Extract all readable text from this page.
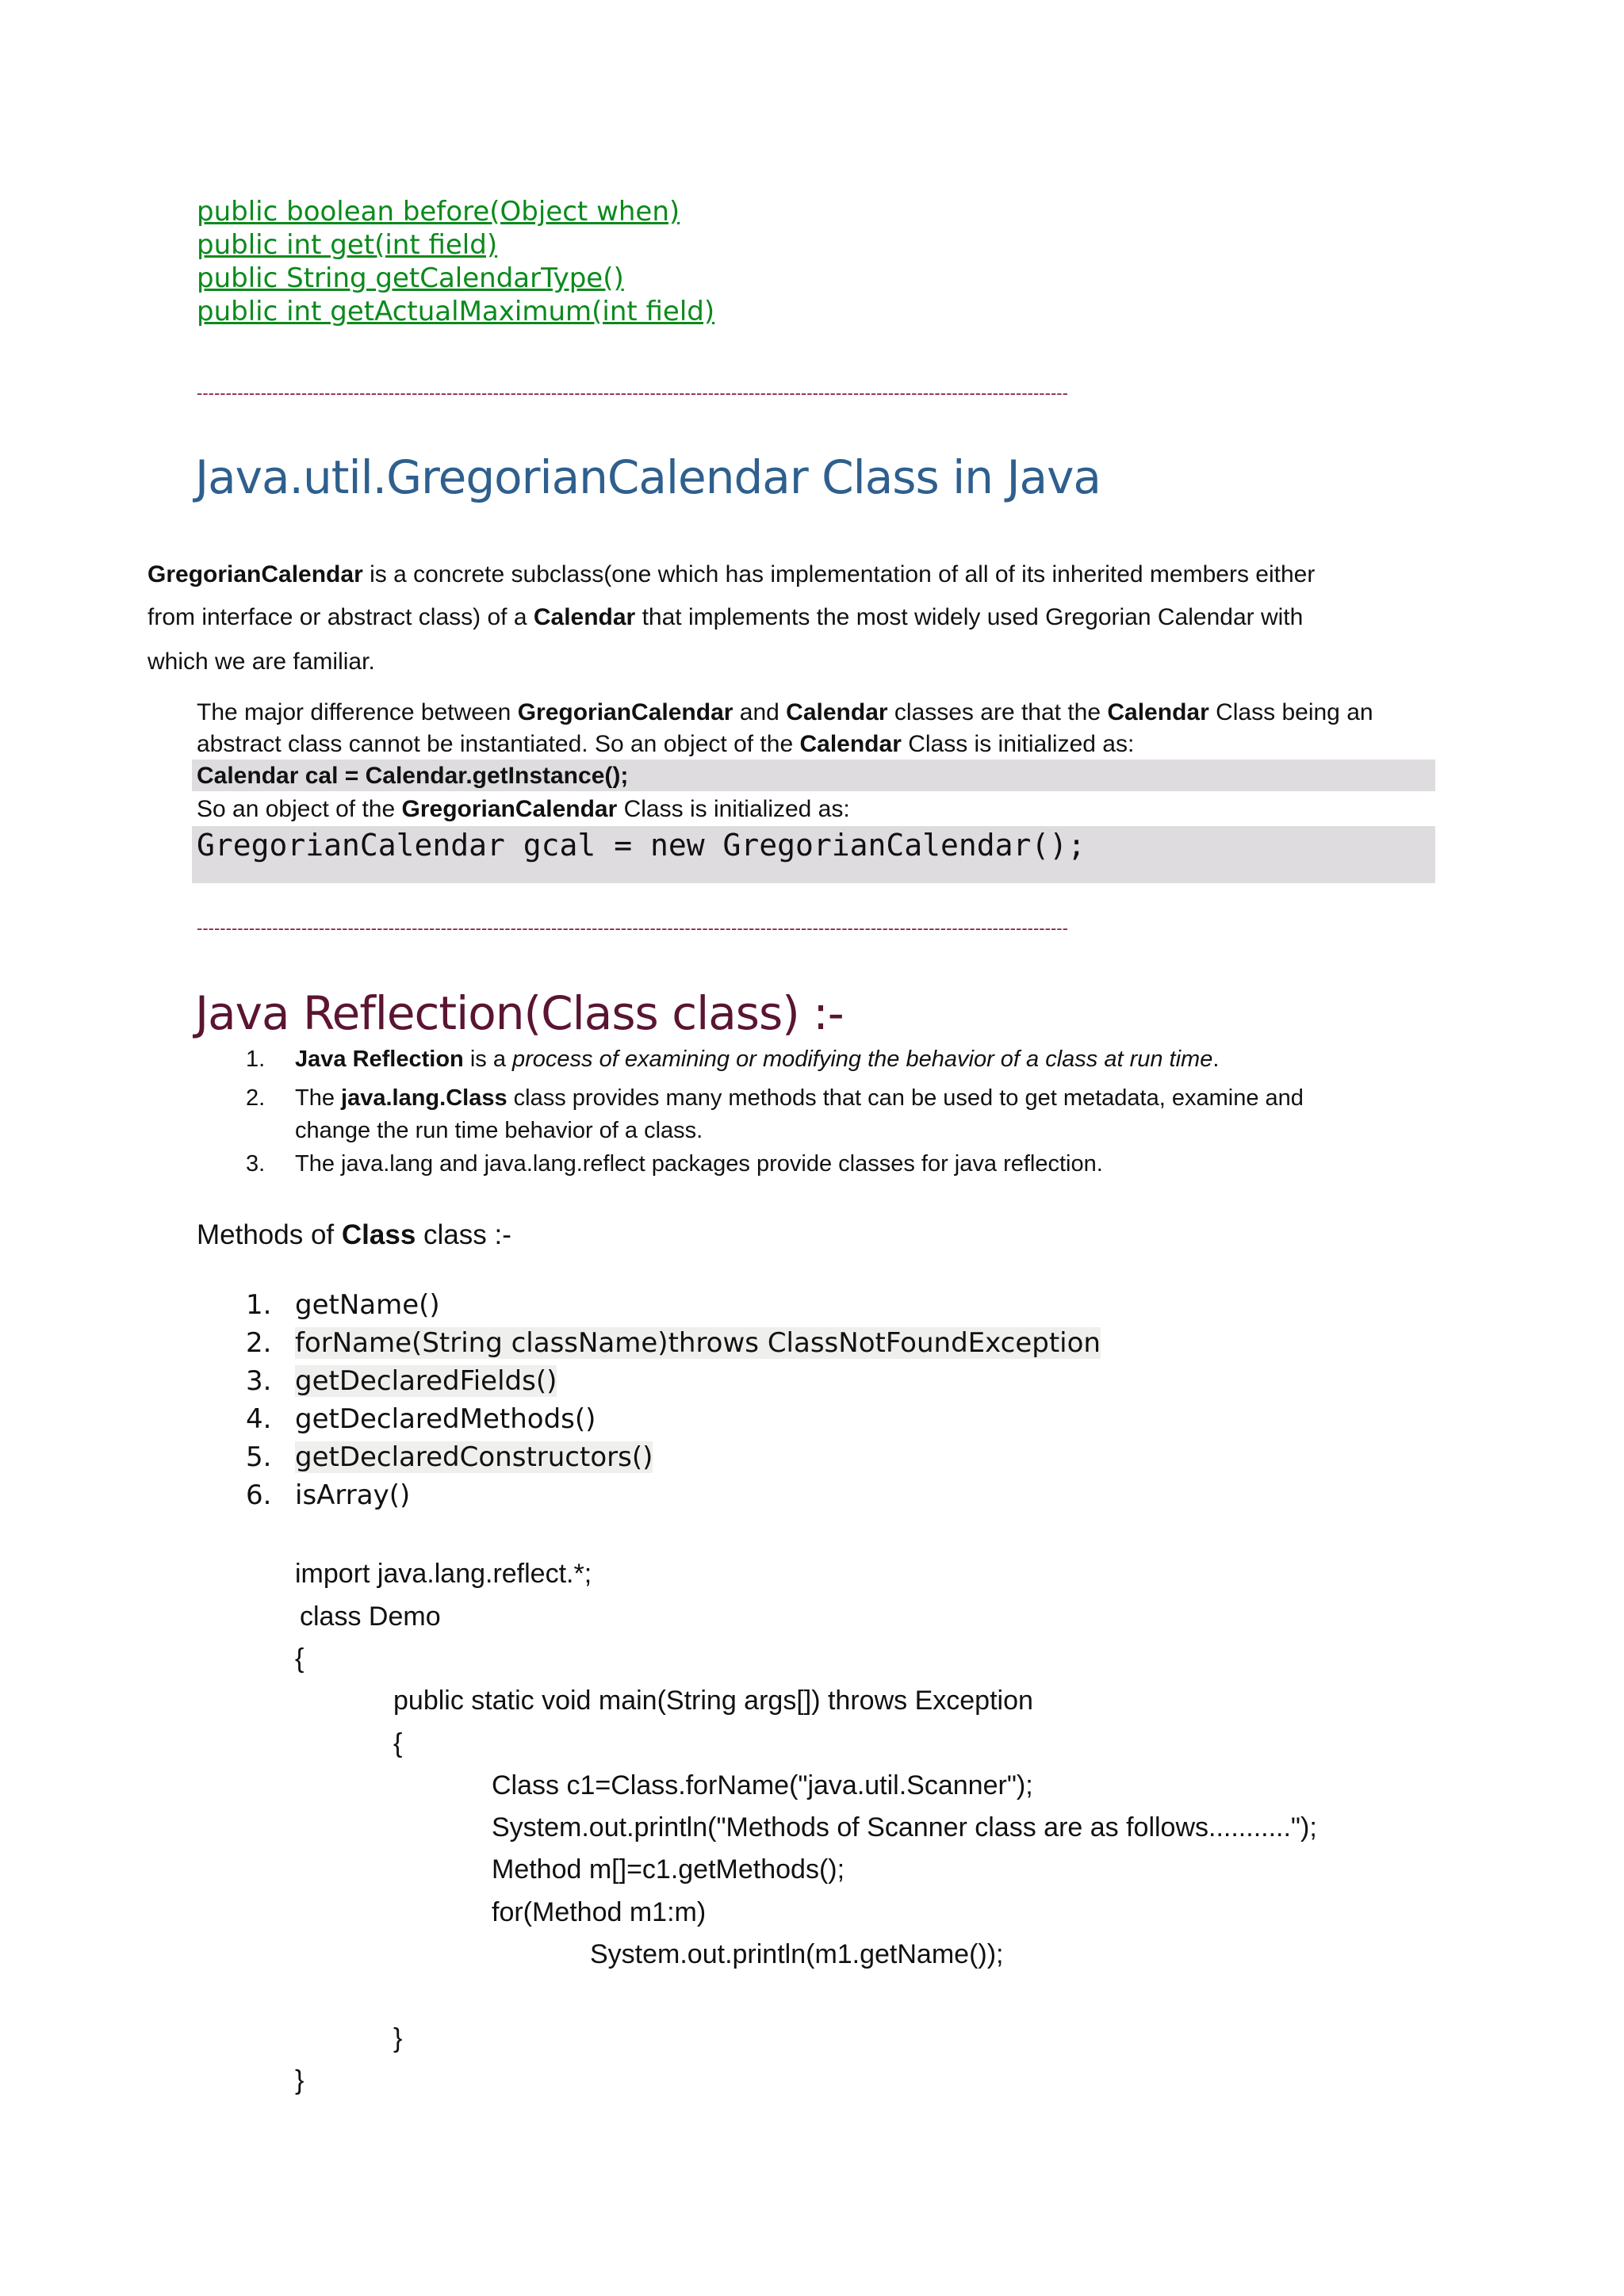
public boolean before(Object when)
public int get(int field)
public String getCalendarType()
public int getActualMaximum(int field)
------------------------------------------------------------------------------------------------------------------------------------------------------
Java.util.GregorianCalendar Class in Java
GregorianCalendar is a concrete subclass(one which has implementation of all of its inherited members either
from interface or abstract class) of a Calendar that implements the most widely used Gregorian Calendar with
which we are familiar.
The major difference between GregorianCalendar and Calendar classes are that the Calendar Class being an
abstract class cannot be instantiated. So an object of the Calendar Class is initialized as:
Calendar cal = Calendar.getInstance();
So an object of the GregorianCalendar Class is initialized as:
GregorianCalendar gcal = new GregorianCalendar();
------------------------------------------------------------------------------------------------------------------------------------------------------
Java Reflection(Class class) :-
1. Java Reflection is a process of examining or modifying the behavior of a class at run time.
2. The java.lang.Class class provides many methods that can be used to get metadata, examine and
change the run time behavior of a class.
3. The java.lang and java.lang.reflect packages provide classes for java reflection.
Methods of Class class :-
1. getName()
2. forName(String className)throws ClassNotFoundException
3. getDeclaredFields()
4. getDeclaredMethods()
5. getDeclaredConstructors()
6. isArray()
import java.lang.reflect.*;
class Demo
{
public static void main(String args[]) throws Exception
{
Class c1=Class.forName("java.util.Scanner");
System.out.println("Methods of Scanner class are as follows...........");
Method m[]=c1.getMethods();
for(Method m1:m)
System.out.println(m1.getName());
}
}
